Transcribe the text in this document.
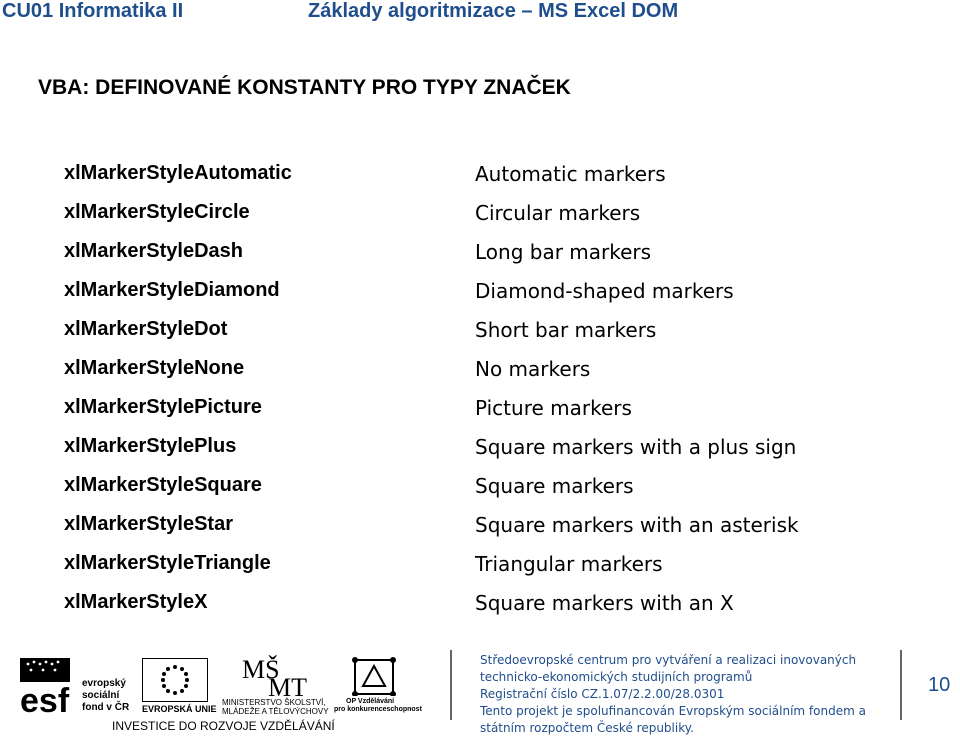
CU01 Informatika II	Základy algoritmizace – MS Excel DOM
VBA: DEFINOVANÉ KONSTANTY PRO TYPY ZNAČEK
xlMarkerStyleAutomatic	Automatic markers
xlMarkerStyleCircle	Circular markers
xlMarkerStyleDash	Long bar markers
xlMarkerStyleDiamond	Diamond-shaped markers
xlMarkerStyleDot	Short bar markers
xlMarkerStyleNone	No markers
xlMarkerStylePicture	Picture markers
xlMarkerStylePlus	Square markers with a plus sign
xlMarkerStyleSquare	Square markers
xlMarkerStyleStar	Square markers with an asterisk
xlMarkerStyleTriangle	Triangular markers
xlMarkerStyleX	Square markers with an X
esf evropský
sociální
fond v ČR EVROPSKÁ UNIE
MŠ
MT
MINISTERSTVO ŠKOLSTVÍ,
MLÁDEŽE A TĚLOVÝCHOVY
OP Vzdělávání
pro konkurenceschopnost
INVESTICE DO ROZVOJE VZDĚLÁVÁNÍ
Středoevropské centrum pro vytváření a realizaci inovovaných
technicko-ekonomických studijních programů
Registrační číslo CZ.1.07/2.2.00/28.0301
Tento projekt je spolufinancován Evropským sociálním fondem a
státním rozpočtem České republiky.
10
